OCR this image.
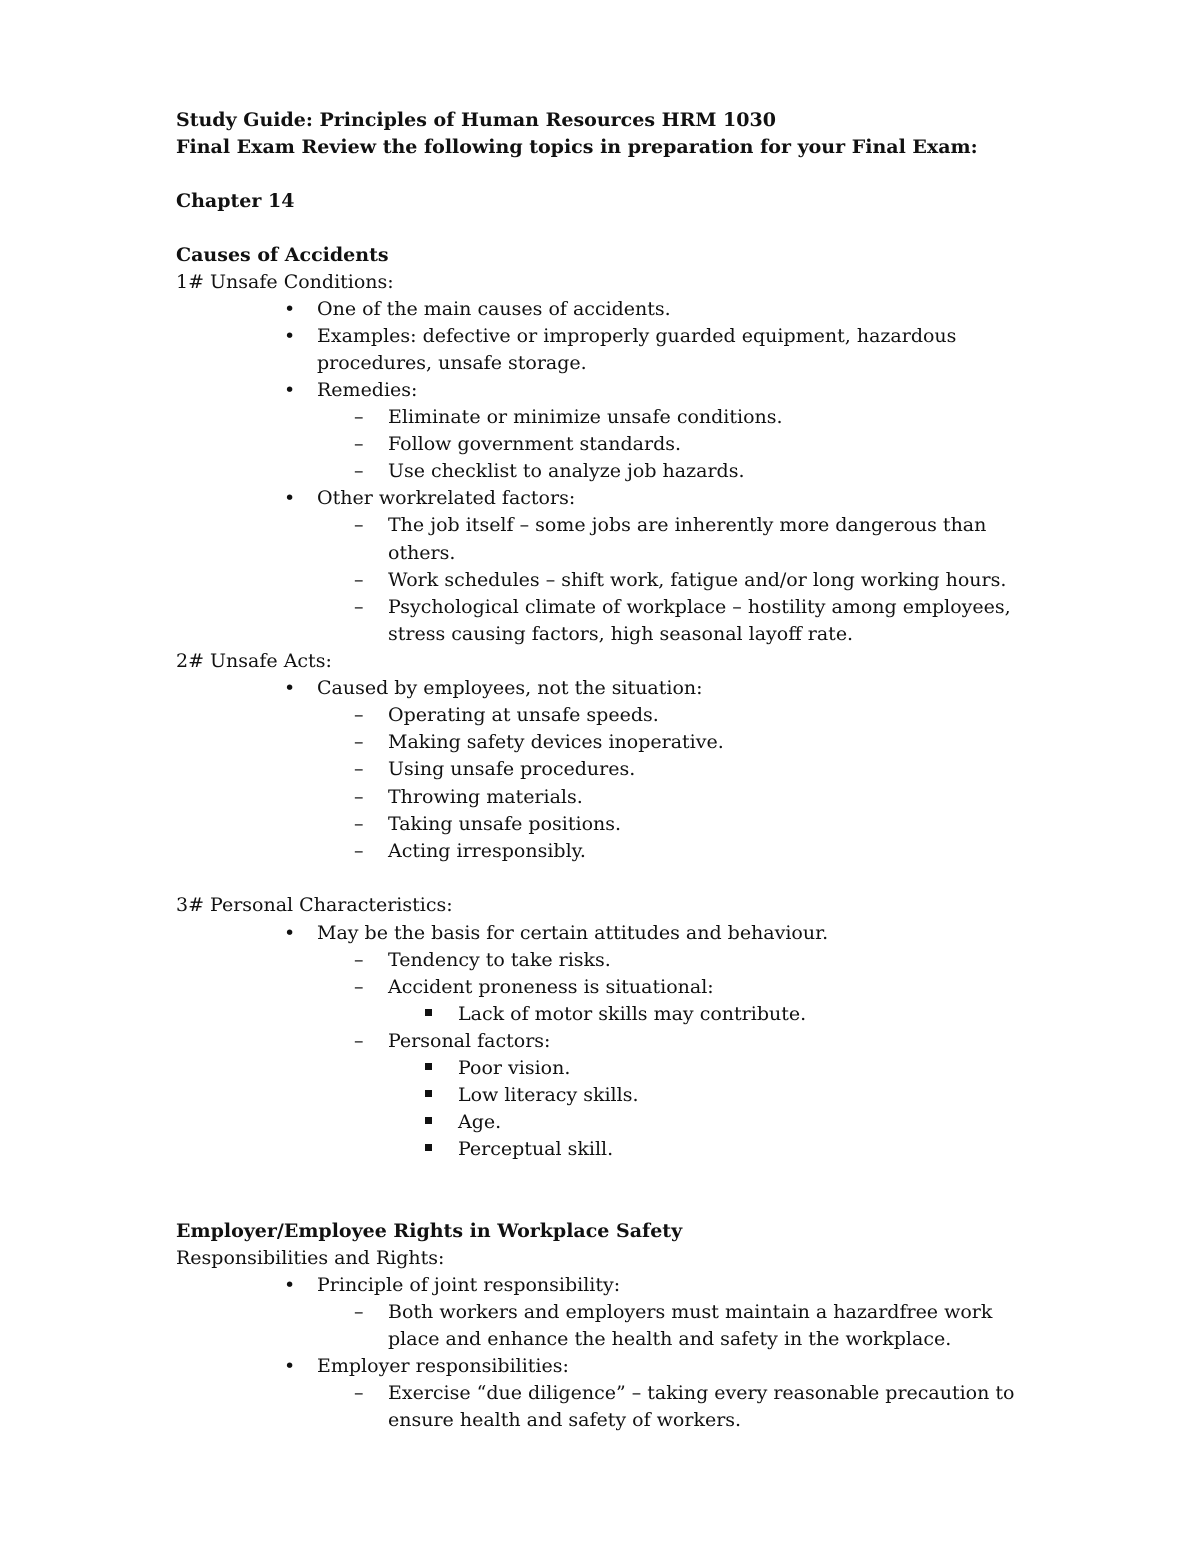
Study Guide: Principles of Human Resources HRM 1030
Final Exam Review the following topics in preparation for your Final Exam:
Chapter 14
Causes of Accidents
1# Unsafe Conditions:
• One of the main causes of accidents.
• Examples: defective or improperly guarded equipment, hazardous
procedures, unsafe storage.
• Remedies:
– Eliminate or minimize unsafe conditions.
– Follow government standards.
– Use checklist to analyze job hazards.
• Other workrelated factors:
– The job itself – some jobs are inherently more dangerous than
others.
– Work schedules – shift work, fatigue and/or long working hours.
– Psychological climate of workplace – hostility among employees,
stress causing factors, high seasonal layoff rate.
2# Unsafe Acts:
• Caused by employees, not the situation:
– Operating at unsafe speeds.
– Making safety devices inoperative.
– Using unsafe procedures.
– Throwing materials.
– Taking unsafe positions.
– Acting irresponsibly.
3# Personal Characteristics:
• May be the basis for certain attitudes and behaviour.
– Tendency to take risks.
– Accident proneness is situational:
Lack of motor skills may contribute.
– Personal factors:
Poor vision.
Low literacy skills.
Age.
Perceptual skill.
Employer/Employee Rights in Workplace Safety
Responsibilities and Rights:
• Principle of joint responsibility:
– Both workers and employers must maintain a hazardfree work
place and enhance the health and safety in the workplace.
• Employer responsibilities:
– Exercise “due diligence” – taking every reasonable precaution to
ensure health and safety of workers.
